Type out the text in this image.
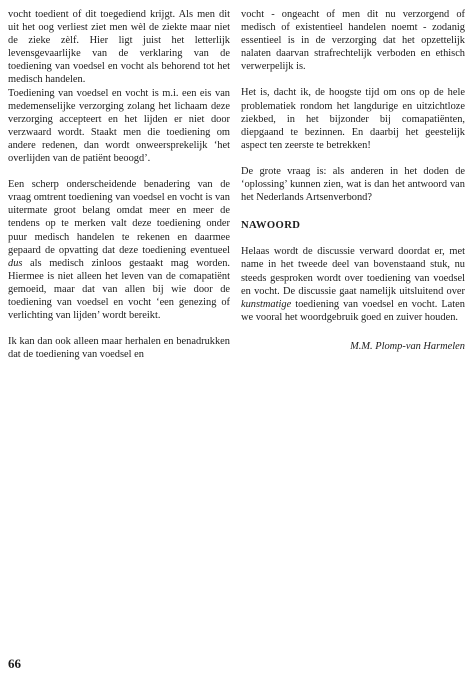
vocht toedient of dit toegediend krijgt. Als men dit uit het oog verliest ziet men wèl de ziekte maar niet de zieke zèlf. Hier ligt juist het letterlijk levensgevaarlijke van de verklaring van de toediening van voedsel en vocht als behorend tot het medisch handelen.

Toediening van voedsel en vocht is m.i. een eis van medemenselijke verzorging zolang het lichaam deze verzorging accepteert en het lijden er niet door verzwaard wordt. Staakt men die toediening om andere redenen, dan wordt onweersprekelijk ‘het overlijden van de patiënt beoogd’.

Een scherp onderscheidende benadering van de vraag omtrent toediening van voedsel en vocht is van uitermate groot belang omdat meer en meer de tendens op te merken valt deze toediening onder puur medisch handelen te rekenen en daarmee gepaard de opvatting dat deze toediening eventueel dus als medisch zinloos gestaakt mag worden. Hiermee is niet alleen het leven van de comapatiënt gemoeid, maar dat van allen bij wie door de toediening van voedsel en vocht ‘een genezing of verlichting van lijden’ wordt bereikt.

Ik kan dan ook alleen maar herhalen en benadrukken dat de toediening van voedsel en

vocht - ongeacht of men dit nu verzorgend of medisch of existentieel handelen noemt - zodanig essentieel is in de verzorging dat het opzettelijk nalaten daarvan strafrechtelijk verboden en ethisch verwerpelijk is.

Het is, dacht ik, de hoogste tijd om ons op de hele problematiek rondom het langdurige en uitzichtloze ziekbed, in het bijzonder bij comapatiënten, diepgaand te bezinnen. En daarbij het geestelijk aspect ten zeerste te betrekken!

De grote vraag is: als anderen in het doden de ‘oplossing’ kunnen zien, wat is dan het antwoord van het Nederlands Artsenverbond?

NAWOORD

Helaas wordt de discussie verward doordat er, met name in het tweede deel van bovenstaand stuk, nu steeds gesproken wordt over toediening van voedsel en vocht. De discussie gaat namelijk uitsluitend over kunstmatige toediening van voedsel en vocht. Laten we vooral het woordgebruik goed en zuiver houden.

M.M. Plomp-van Harmelen

66
